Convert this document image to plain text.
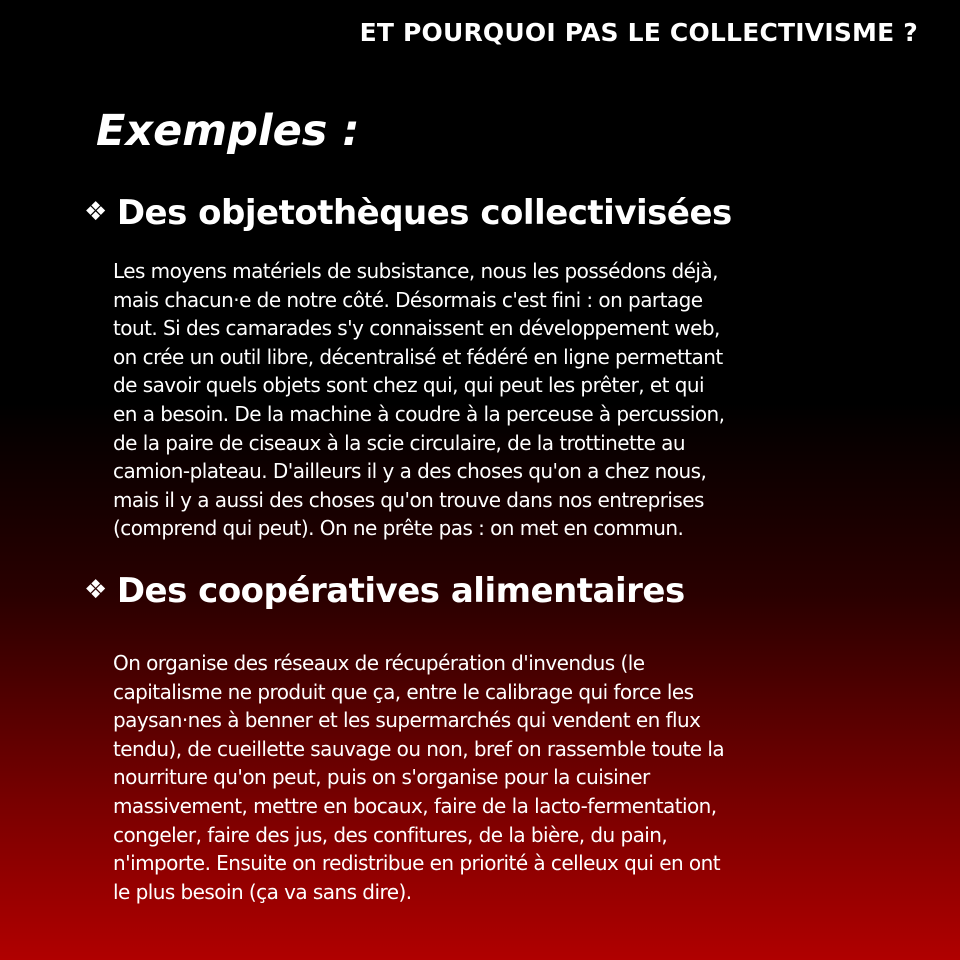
ET POURQUOI PAS LE COLLECTIVISME ?
Exemples :
❖ Des objetothèques collectivisées
Les moyens matériels de subsistance, nous les possédons déjà,
mais chacun·e de notre côté. Désormais c'est fini : on partage
tout. Si des camarades s'y connaissent en développement web,
on crée un outil libre, décentralisé et fédéré en ligne permettant
de savoir quels objets sont chez qui, qui peut les prêter, et qui
en a besoin. De la machine à coudre à la perceuse à percussion,
de la paire de ciseaux à la scie circulaire, de la trottinette au
camion-plateau. D'ailleurs il y a des choses qu'on a chez nous,
mais il y a aussi des choses qu'on trouve dans nos entreprises
(comprend qui peut). On ne prête pas : on met en commun.
❖ Des coopératives alimentaires
On organise des réseaux de récupération d'invendus (le
capitalisme ne produit que ça, entre le calibrage qui force les
paysan·nes à benner et les supermarchés qui vendent en flux
tendu), de cueillette sauvage ou non, bref on rassemble toute la
nourriture qu'on peut, puis on s'organise pour la cuisiner
massivement, mettre en bocaux, faire de la lacto-fermentation,
congeler, faire des jus, des confitures, de la bière, du pain,
n'importe. Ensuite on redistribue en priorité à celleux qui en ont
le plus besoin (ça va sans dire).
